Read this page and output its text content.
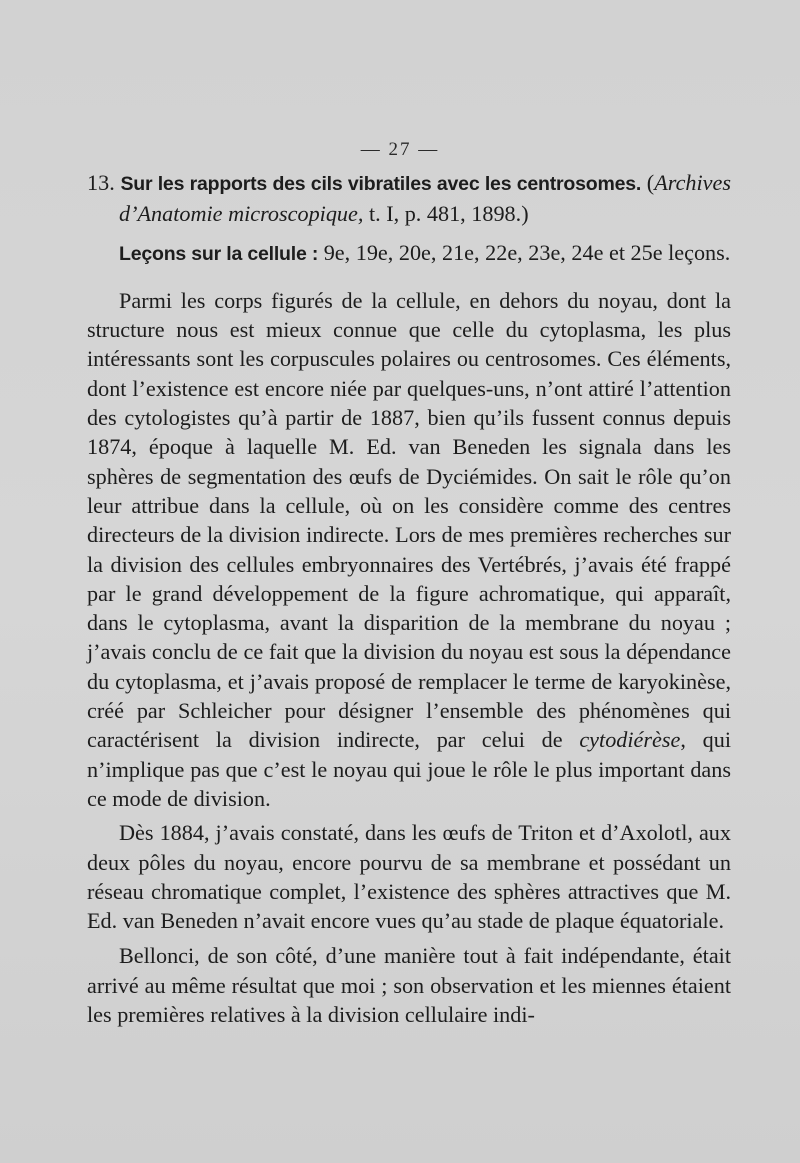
— 27 —

13. Sur les rapports des cils vibratiles avec les centrosomes. (Archives d’Anatomie microscopique, t. I, p. 481, 1898.)

Leçons sur la cellule : 9e, 19e, 20e, 21e, 22e, 23e, 24e et 25e leçons.

Parmi les corps figurés de la cellule, en dehors du noyau, dont la structure nous est mieux connue que celle du cytoplasma, les plus intéressants sont les corpuscules polaires ou centrosomes. Ces éléments, dont l’existence est encore niée par quelques-uns, n’ont attiré l’attention des cytologistes qu’à partir de 1887, bien qu’ils fussent connus depuis 1874, époque à laquelle M. Ed. van Beneden les signala dans les sphères de segmentation des œufs de Dyciémides. On sait le rôle qu’on leur attribue dans la cellule, où on les considère comme des centres directeurs de la division indirecte. Lors de mes premières recherches sur la division des cellules embryonnaires des Vertébrés, j’avais été frappé par le grand développement de la figure achromatique, qui apparaît, dans le cytoplasma, avant la disparition de la membrane du noyau ; j’avais conclu de ce fait que la division du noyau est sous la dépendance du cytoplasma, et j’avais proposé de remplacer le terme de karyokinèse, créé par Schleicher pour désigner l’ensemble des phénomènes qui caractérisent la division indirecte, par celui de cytodiérèse, qui n’implique pas que c’est le noyau qui joue le rôle le plus important dans ce mode de division.

Dès 1884, j’avais constaté, dans les œufs de Triton et d’Axolotl, aux deux pôles du noyau, encore pourvu de sa membrane et possédant un réseau chromatique complet, l’existence des sphères attractives que M. Ed. van Beneden n’avait encore vues qu’au stade de plaque équatoriale.

Bellonci, de son côté, d’une manière tout à fait indépendante, était arrivé au même résultat que moi ; son observation et les miennes étaient les premières relatives à la division cellulaire indi-
